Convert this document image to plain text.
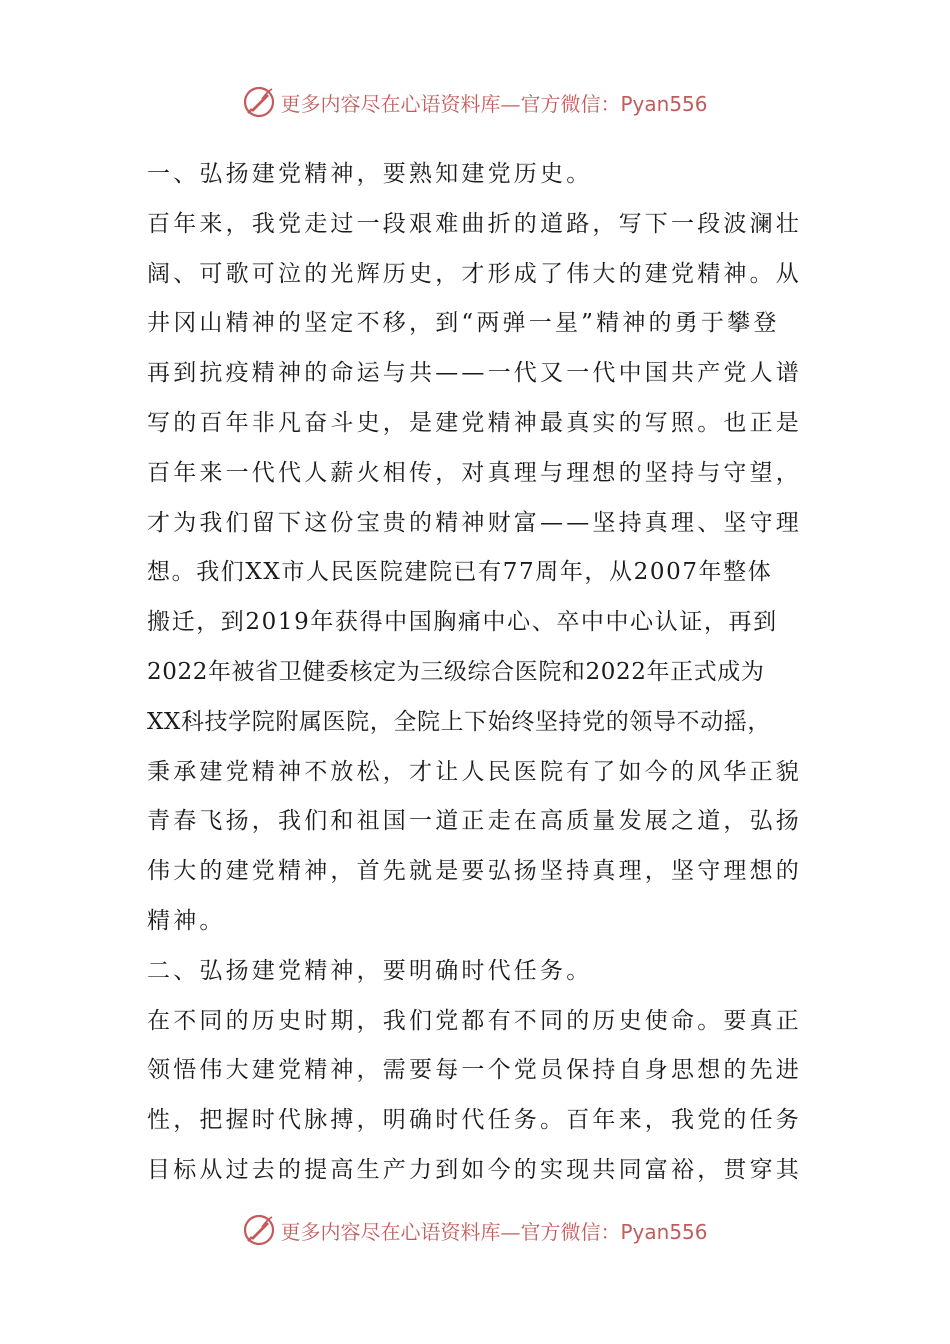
更多内容尽在心语资料库—官方微信：Pyan556
一、弘扬建党精神，要熟知建党历史。
百年来，我党走过一段艰难曲折的道路，写下一段波澜壮
阔、可歌可泣的光辉历史，才形成了伟大的建党精神。从
井冈山精神的坚定不移，到“两弹一星”精神的勇于攀登
再到抗疫精神的命运与共——一代又一代中国共产党人谱
写的百年非凡奋斗史，是建党精神最真实的写照。也正是
百年来一代代人薪火相传，对真理与理想的坚持与守望，
才为我们留下这份宝贵的精神财富——坚持真理、坚守理
想。我们XX市人民医院建院已有77周年，从2007年整体
搬迁，到2019年获得中国胸痛中心、卒中中心认证，再到
2022年被省卫健委核定为三级综合医院和2022年正式成为
XX科技学院附属医院，全院上下始终坚持党的领导不动摇，
秉承建党精神不放松，才让人民医院有了如今的风华正貌
青春飞扬，我们和祖国一道正走在高质量发展之道，弘扬
伟大的建党精神，首先就是要弘扬坚持真理，坚守理想的
精神。
二、弘扬建党精神，要明确时代任务。
在不同的历史时期，我们党都有不同的历史使命。要真正
领悟伟大建党精神，需要每一个党员保持自身思想的先进
性，把握时代脉搏，明确时代任务。百年来，我党的任务
目标从过去的提高生产力到如今的实现共同富裕，贯穿其
更多内容尽在心语资料库—官方微信：Pyan556
